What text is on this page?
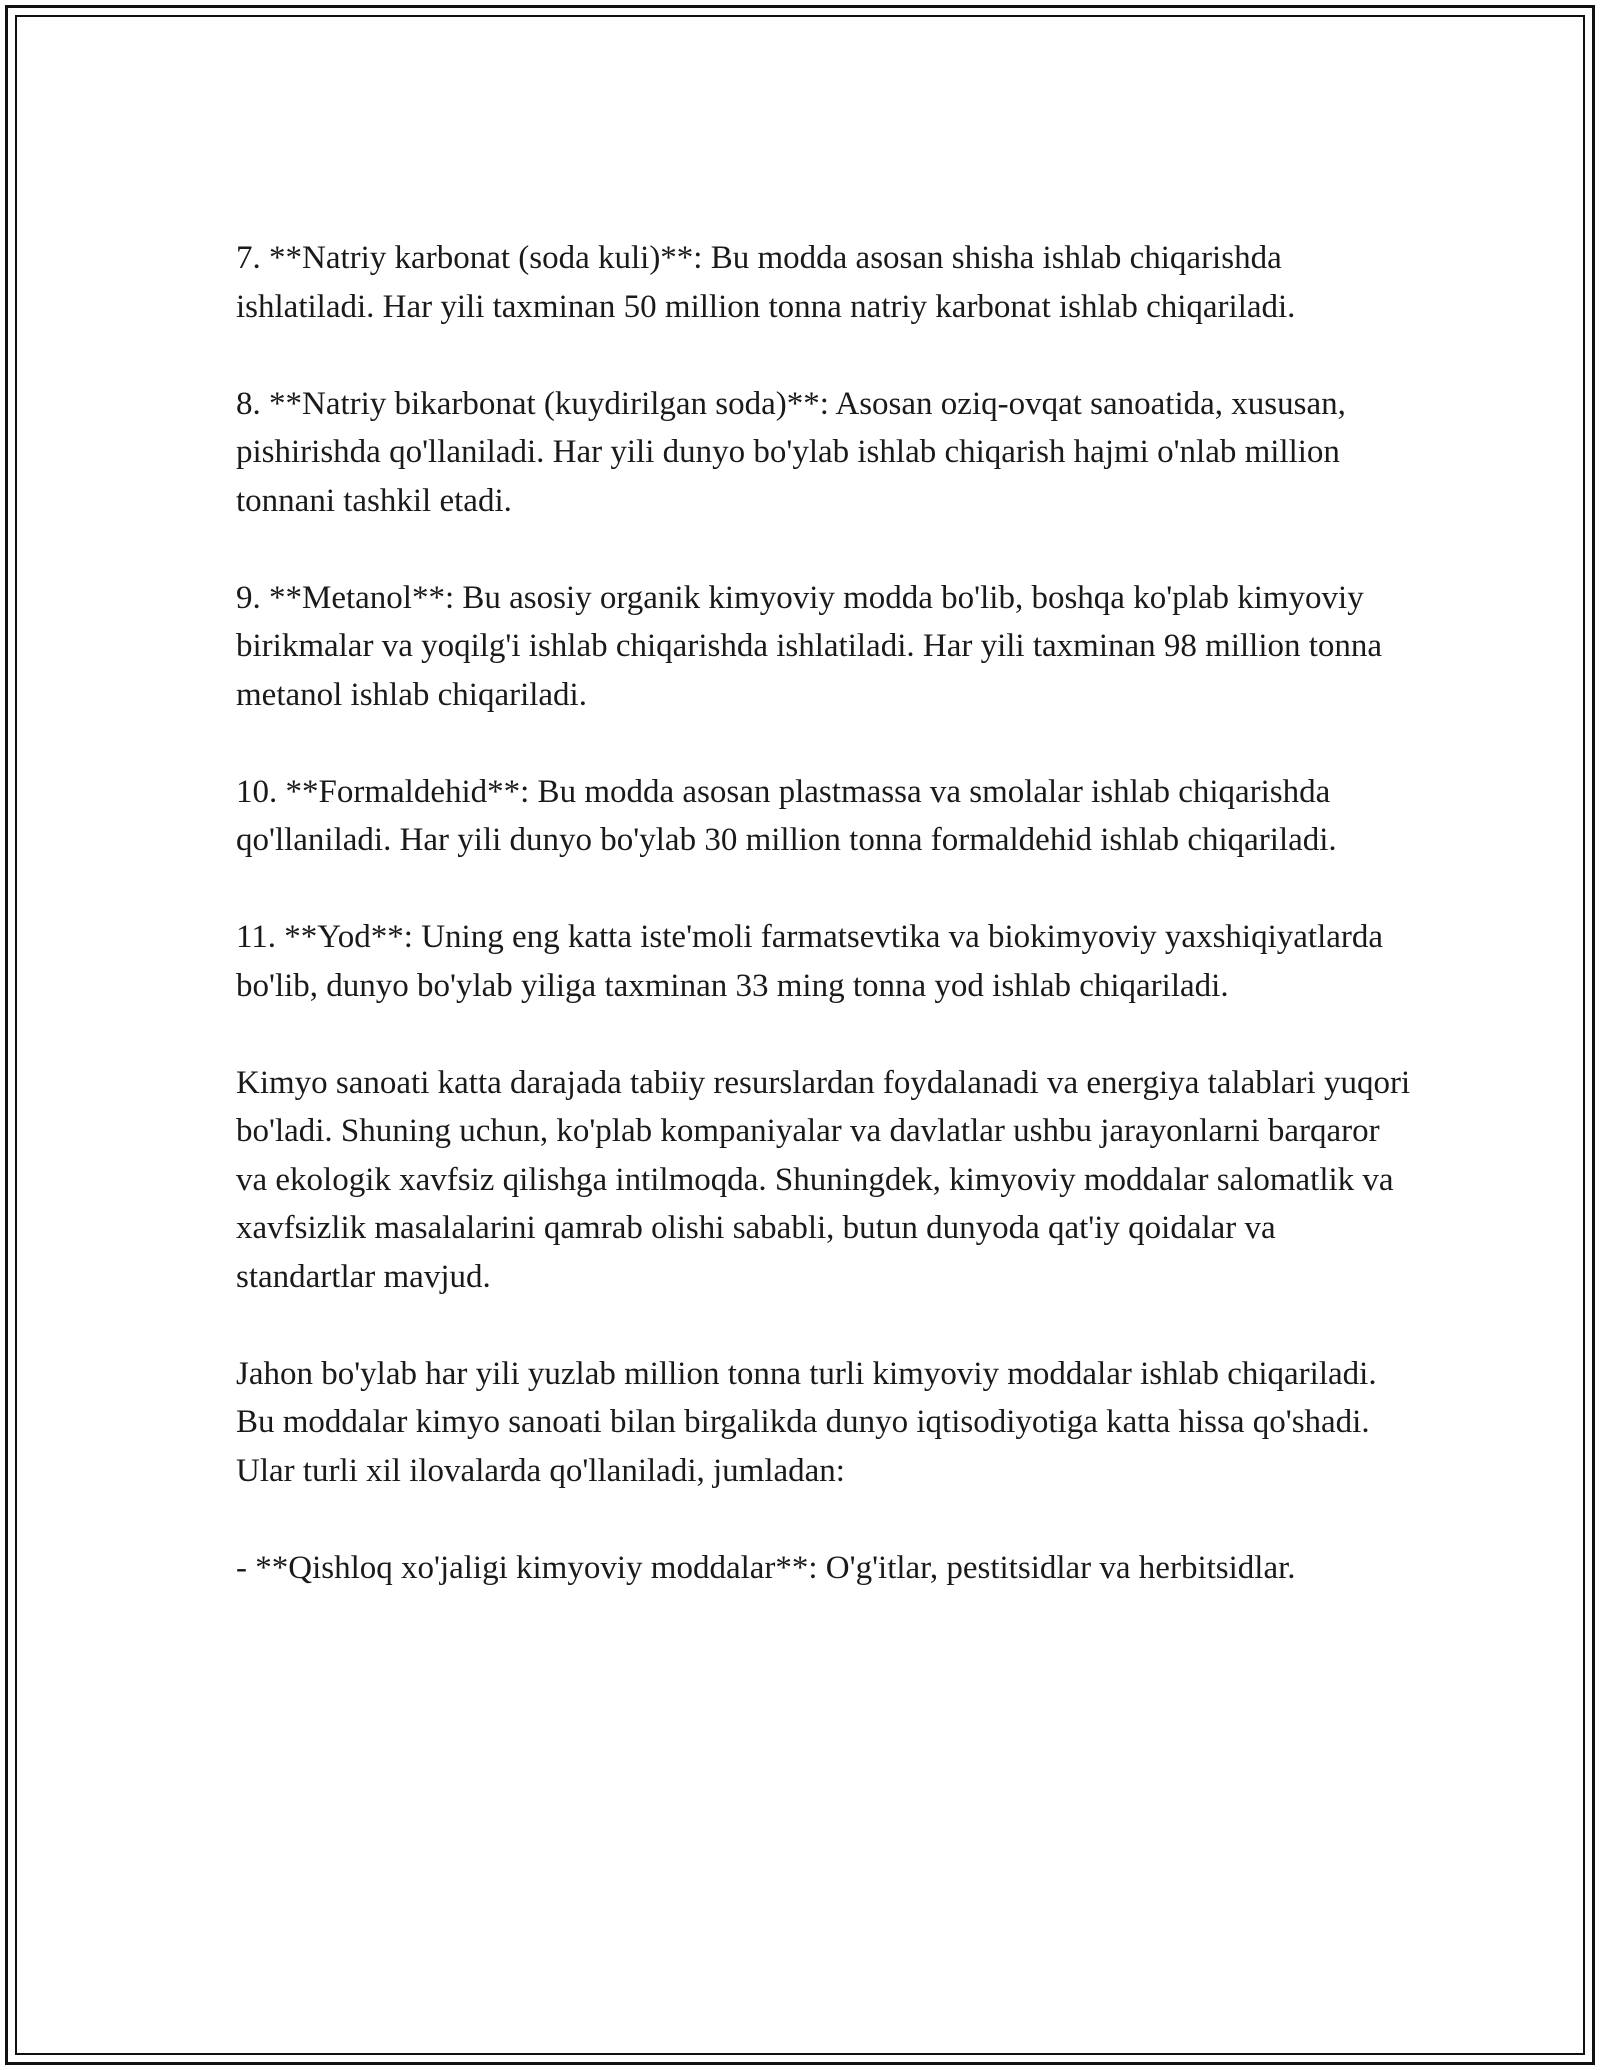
7. **Natriy karbonat (soda kuli)**: Bu modda asosan shisha ishlab chiqarishda ishlatiladi. Har yili taxminan 50 million tonna natriy karbonat ishlab chiqariladi.

8. **Natriy bikarbonat (kuydirilgan soda)**: Asosan oziq-ovqat sanoatida, xususan, pishirishda qo'llaniladi. Har yili dunyo bo'ylab ishlab chiqarish hajmi o'nlab million tonnani tashkil etadi.

9. **Metanol**: Bu asosiy organik kimyoviy modda bo'lib, boshqa ko'plab kimyoviy birikmalar va yoqilg'i ishlab chiqarishda ishlatiladi. Har yili taxminan 98 million tonna metanol ishlab chiqariladi.

10. **Formaldehid**: Bu modda asosan plastmassa va smolalar ishlab chiqarishda qo'llaniladi. Har yili dunyo bo'ylab 30 million tonna formaldehid ishlab chiqariladi.

11. **Yod**: Uning eng katta iste'moli farmatsevtika va biokimyoviy yaxshiqiyatlarda bo'lib, dunyo bo'ylab yiliga taxminan 33 ming tonna yod ishlab chiqariladi.

Kimyo sanoati katta darajada tabiiy resurslardan foydalanadi va energiya talablari yuqori bo'ladi. Shuning uchun, ko'plab kompaniyalar va davlatlar ushbu jarayonlarni barqaror va ekologik xavfsiz qilishga intilmoqda. Shuningdek, kimyoviy moddalar salomatlik va xavfsizlik masalalarini qamrab olishi sababli, butun dunyoda qat'iy qoidalar va standartlar mavjud.

Jahon bo'ylab har yili yuzlab million tonna turli kimyoviy moddalar ishlab chiqariladi. Bu moddalar kimyo sanoati bilan birgalikda dunyo iqtisodiyotiga katta hissa qo'shadi. Ular turli xil ilovalarda qo'llaniladi, jumladan:

- **Qishloq xo'jaligi kimyoviy moddalar**: O'g'itlar, pestitsidlar va herbitsidlar.
